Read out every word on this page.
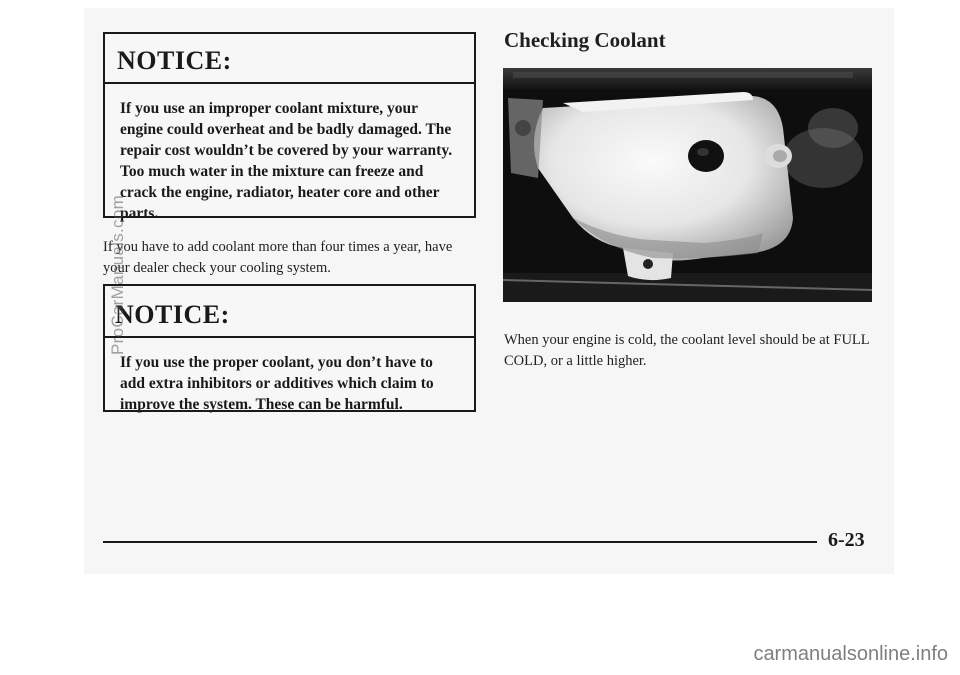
NOTICE:
If you use an improper coolant mixture, your engine could overheat and be badly damaged. The repair cost wouldn’t be covered by your warranty. Too much water in the mixture can freeze and crack the engine, radiator, heater core and other parts.
If you have to add coolant more than four times a year, have your dealer check your cooling system.
NOTICE:
If you use the proper coolant, you don’t have to add extra inhibitors or additives which claim to improve the system. These can be harmful.
Checking Coolant
When your engine is cold, the coolant level should be at FULL COLD, or a little higher.
6-23
ProCarManuals.com
carmanualsonline.info
